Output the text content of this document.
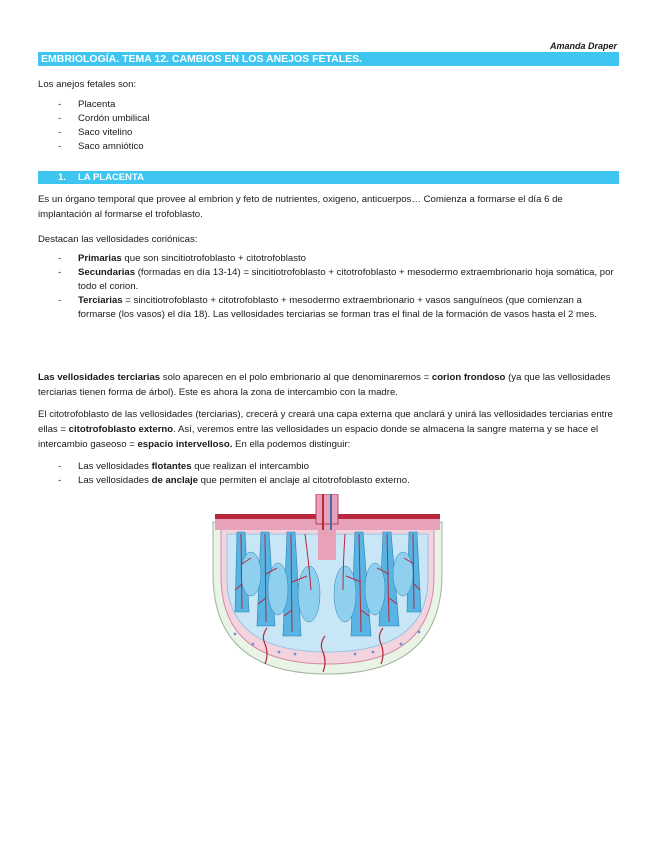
Amanda Draper
EMBRIOLOGÍA. TEMA 12. CAMBIOS EN LOS ANEJOS FETALES.
Los anejos fetales son:
- Placenta
- Cordón umbilical
- Saco vitelino
- Saco amniótico
1. LA PLACENTA
Es un órgano temporal que provee al embrion y feto de nutrientes, oxigeno, anticuerpos… Comienza a formarse el día 6 de implantación al formarse el trofoblasto.
Destacan las vellosidades coriónicas:
- Primarias que son sincitiotrofoblasto + citotrofoblasto
- Secundarias (formadas en día 13-14) = sincitiotrofoblasto + citotrofoblasto + mesodermo extraembrionario hoja somática, por todo el corion.
- Terciarias = sincitiotrofoblasto + citotrofoblasto + mesodermo extraembrionario + vasos sanguíneos (que comienzan a formarse (los vasos) el día 18). Las vellosidades terciarias se forman tras el final de la formación de vasos hasta el 2 mes.
Las vellosidades terciarias solo aparecen en el polo embrionario al que denominaremos = corion frondoso (ya que las vellosidades terciarias tienen forma de árbol). Este es ahora la zona de intercambio con la madre.
El citotrofoblasto de las vellosidades (terciarias), crecerá y creará una capa externa que anclará y unirá las vellosidades terciarias entre ellas = citotrofoblasto externo. Así, veremos entre las vellosidades un espacio donde se almacena la sangre materna y se hace el intercambio gaseoso = espacio intervelloso. En ella podemos distinguir:
- Las vellosidades flotantes que realizan el intercambio
- Las vellosidades de anclaje que permiten el anclaje al citotrofoblasto externo.
